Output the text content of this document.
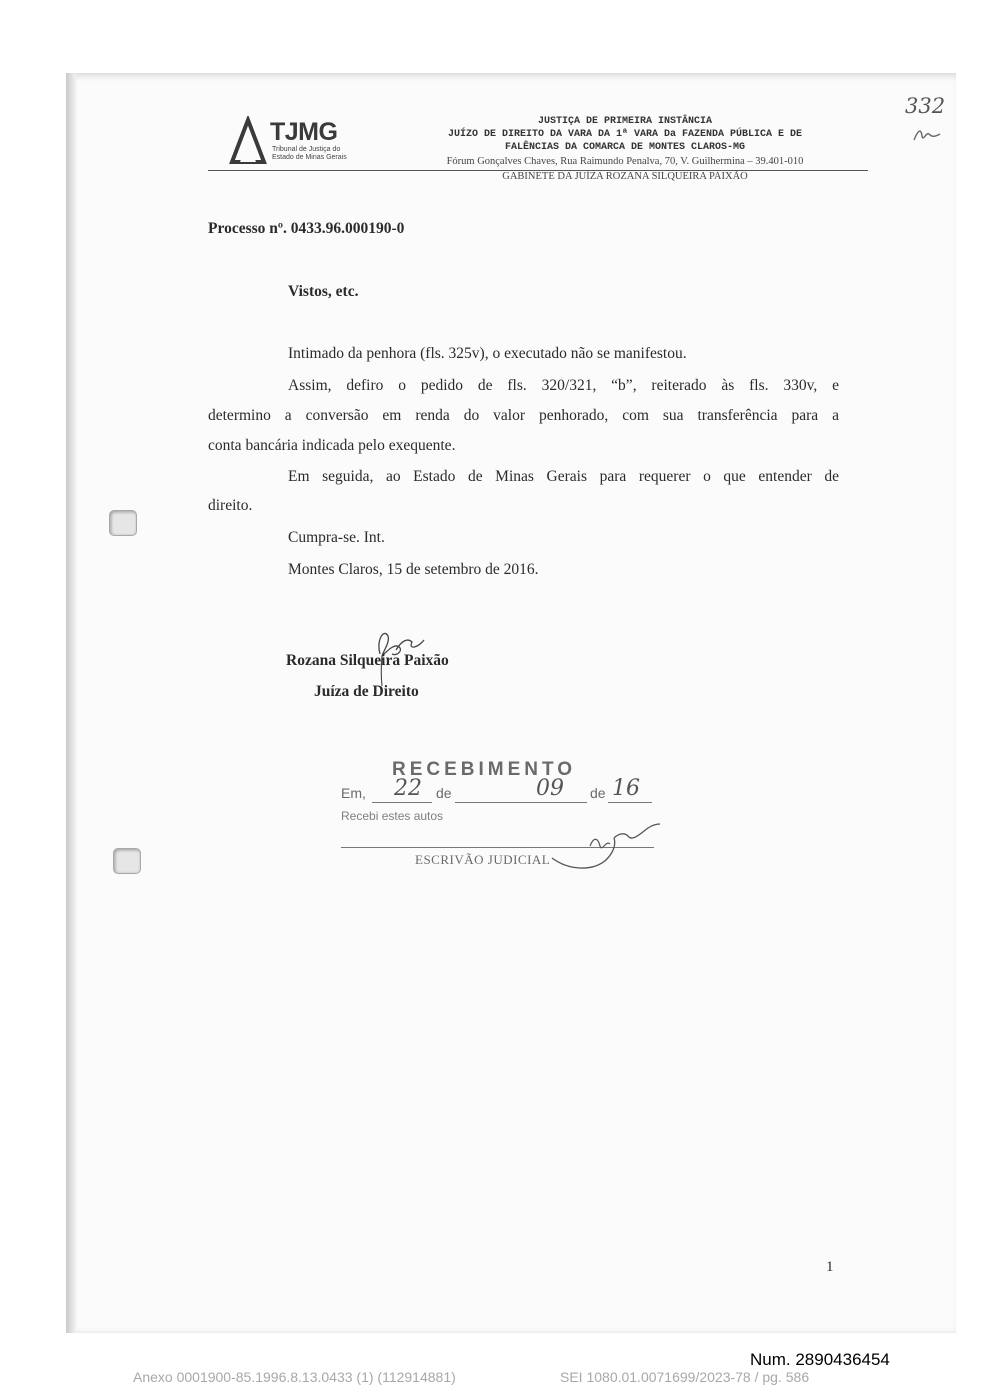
TJMG
Tribunal de Justiça do
Estado de Minas Gerais
JUSTIÇA DE PRIMEIRA INSTÂNCIA
JUÍZO DE DIREITO DA VARA DA 1ª VARA Da FAZENDA PÚBLICA E DE
FALÊNCIAS DA COMARCA DE MONTES CLAROS-MG
Fórum Gonçalves Chaves, Rua Raimundo Penalva, 70, V. Guilhermina – 39.401-010
GABINETE DA JUÍZA ROZANA SILQUEIRA PAIXÃO
332
Processo nº. 0433.96.000190-0
Vistos, etc.
Intimado da penhora (fls. 325v), o executado não se manifestou.
Assim, defiro o pedido de fls. 320/321, “b”, reiterado às fls. 330v, e
determino a conversão em renda do valor penhorado, com sua transferência para a
conta bancária indicada pelo exequente.
Em seguida, ao Estado de Minas Gerais para requerer o que entender de
direito.
Cumpra-se. Int.
Montes Claros, 15 de setembro de 2016.
Rozana Silqueira Paixão
Juíza de Direito
RECEBIMENTO
Em, 22 de	09 de 16
Recebi estes autos
ESCRIVÃO JUDICIAL
1
Num. 2890436454
Anexo 0001900-85.1996.8.13.0433 (1) (112914881)	SEI 1080.01.0071699/2023-78 / pg. 586
